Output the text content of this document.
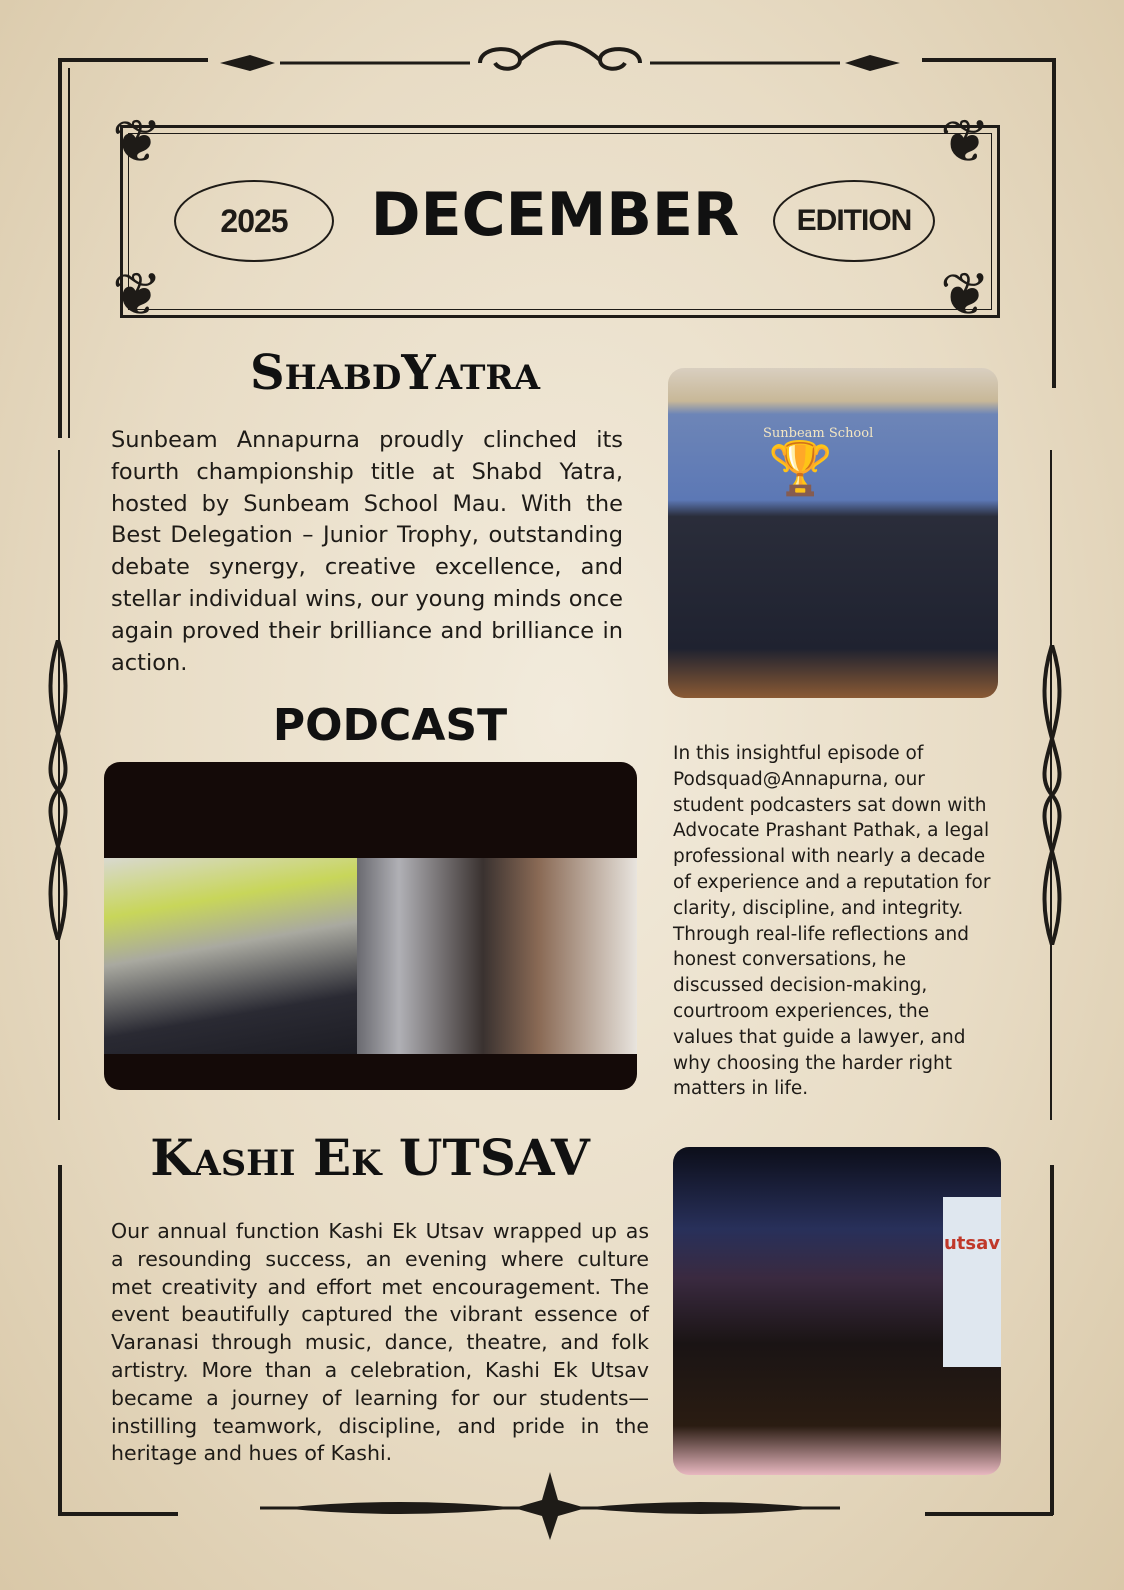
❦	❦
❦	❦
2025	DECEMBER	EDITION
ShabdYatra
Sunbeam Annapurna proudly clinched its fourth championship title at Shabd Yatra, hosted by Sunbeam School Mau. With the Best Delegation – Junior Trophy, outstanding debate synergy, creative excellence, and stellar individual wins, our young minds once again proved their brilliance and brilliance in action.
Sunbeam School
🏆
PODCAST
In this insightful episode of Podsquad@Annapurna, our student podcasters sat down with Advocate Prashant Pathak, a legal professional with nearly a decade of experience and a reputation for clarity, discipline, and integrity. Through real-life reflections and honest conversations, he discussed decision-making, courtroom experiences, the values that guide a lawyer, and why choosing the harder right matters in life.
Kashi Ek UTSAV
Our annual function Kashi Ek Utsav wrapped up as a resounding success, an evening where culture met creativity and effort met encouragement. The event beautifully captured the vibrant essence of Varanasi through music, dance, theatre, and folk artistry. More than a celebration, Kashi Ek Utsav became a journey of learning for our students—instilling teamwork, discipline, and pride in the heritage and hues of Kashi.
utsav
